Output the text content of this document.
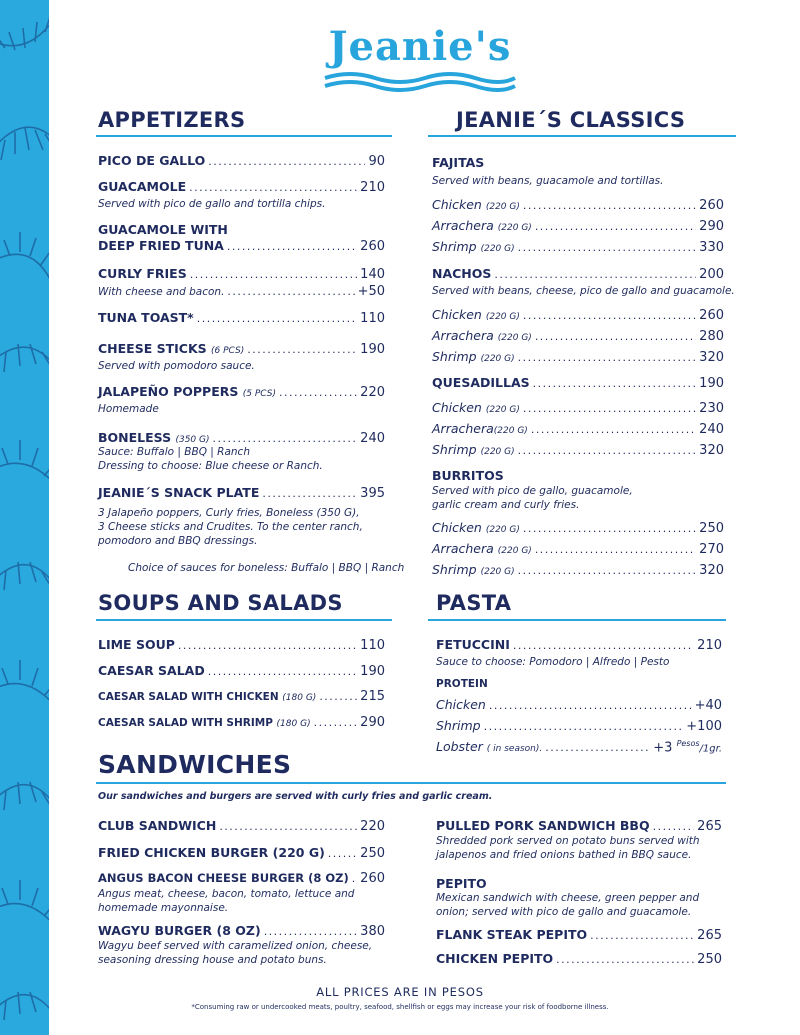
Jeanie's
APPETIZERS
PICO DE GALLO .....	90
GUACAMOLE .....	210
Served with pico de gallo and tortilla chips.
GUACAMOLE WITH
DEEP FRIED TUNA .....	260
CURLY FRIES .....	140
With cheese and bacon. .....	+50
TUNA TOAST* .....	110
CHEESE STICKS (6 PCS) .....	190
Served with pomodoro sauce.
JALAPEÑO POPPERS (5 PCS) .....	220
Homemade
BONELESS (350 G) .....	240
Sauce: Buffalo | BBQ | Ranch
Dressing to choose: Blue cheese or Ranch.
JEANIE´S SNACK PLATE .....	395
3 Jalapeño poppers, Curly fries, Boneless (350 G),
3 Cheese sticks and Crudites. To the center ranch,
pomodoro and BBQ dressings.
Choice of sauces for boneless: Buffalo | BBQ | Ranch
JEANIE´S CLASSICS
FAJITAS
Served with beans, guacamole and tortillas.
Chicken (220 G) .....	260
Arrachera (220 G) .....	290
Shrimp (220 G) .....	330
NACHOS .....	200
Served with beans, cheese, pico de gallo and guacamole.
Chicken (220 G) .....	260
Arrachera (220 G) .....	280
Shrimp (220 G) .....	320
QUESADILLAS .....	190
Chicken (220 G) .....	230
Arrachera(220 G) .....	240
Shrimp (220 G) .....	320
BURRITOS
Served with pico de gallo, guacamole,
garlic cream and curly fries.
Chicken (220 G) .....	250
Arrachera (220 G) .....	270
Shrimp (220 G) .....	320
SOUPS AND SALADS
LIME SOUP .....	110
CAESAR SALAD .....	190
CAESAR SALAD WITH CHICKEN (180 G) .....	215
CAESAR SALAD WITH SHRIMP (180 G) .....	290
PASTA
FETUCCINI .....	210
Sauce to choose: Pomodoro | Alfredo | Pesto
PROTEIN
Chicken .....	+40
Shrimp .....	+100
Lobster ( in season). .....	+3 $^{Pesos}$/1gr.
SANDWICHES
Our sandwiches and burgers are served with curly fries and garlic cream.
CLUB SANDWICH .....	220
FRIED CHICKEN BURGER (220 G) .....	250
ANGUS BACON CHEESE BURGER (8 OZ) ..... 260
Angus meat, cheese, bacon, tomato, lettuce and
homemade mayonnaise.
WAGYU BURGER (8 OZ) .....	380
Wagyu beef served with caramelized onion, cheese,
seasoning dressing house and potato buns.
PULLED PORK SANDWICH BBQ .....	265
Shredded pork served on potato buns served with
jalapenos and fried onions bathed in BBQ sauce.
PEPITO
Mexican sandwich with cheese, green pepper and
onion; served with pico de gallo and guacamole.
FLANK STEAK PEPITO .....	265
CHICKEN PEPITO .....	250
ALL PRICES ARE IN PESOS
*Consuming raw or undercooked meats, poultry, seafood, shellfish or eggs may increase your risk of foodborne illness.
